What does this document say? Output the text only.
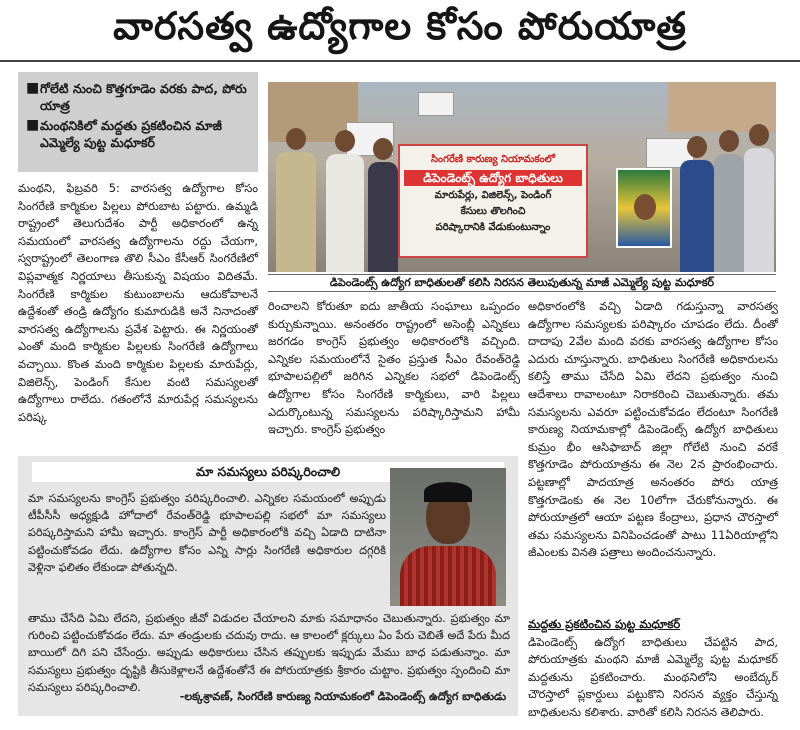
వారసత్వ ఉద్యోగాల కోసం పోరుయాత్ర
■ గోలేటి నుంచి కొత్తగూడెం వరకు పాద, పోరు యాత్ర
■ మంథనికిలో మద్దతు ప్రకటించిన మాజీ ఎమ్మెల్యే పుట్ట మధూకర్
సింగరేణి కారుణ్య నియామకంలో
డిపెండెంట్స్ ఉద్యోగ బాధితులు
మారుపేర్లు, విజిలెన్స్, పెండింగ్
కేసులు తొలగించి
పరిష్కారానికి వేడుకుంటున్నాం
డిపెండెంట్స్ ఉద్యోగ బాధితులతో కలిసి నిరసన తెలుపుతున్న మాజీ ఎమ్మెల్యే పుట్ట మధూకర్
మంథని, ఫిబ్రవరి 5: వారసత్వ ఉద్యోగాల కోసం సింగరేణి కార్మికుల పిల్లలు పోరుబాట పట్టారు. ఉమ్మడి రాష్ట్రంలో తెలుగుదేశం పార్టీ అధికారంలో ఉన్న సమయంలో వారసత్వ ఉద్యోగాలను రద్దు చేయగా, స్వరాష్ట్రంలో తెలంగాణ తొలి సీఎం కేసీఆర్ సింగరేణిలో విప్లవాత్మక నిర్ణయాలు తీసుకున్న విషయం విదితమే. సింగరేణి కార్మికుల కుటుంబాలను ఆదుకోవాలనే ఉద్దేశంతో తండ్రి ఉద్యోగం కుమారుడికి అనే నినాదంతో వారసత్వ ఉద్యోగాలను ప్రవేశ పెట్టారు. ఈ నిర్ణయంతో ఎంతో మంది కార్మికుల పిల్లలకు సింగరేణి ఉద్యోగాలు వచ్చాయి. కొంత మంది కార్మికుల పిల్లలకు మారుపేర్లు, విజిలెన్స్, పెండింగ్ కేసుల వంటి సమస్యలతో ఉద్యోగాలు రాలేదు. గతంలోనే మారుపేర్ల సమస్యలను పరిష్క
రించాలని కోరుతూ ఐదు జాతీయ సంఘాలు ఒప్పందం కుర్చుకున్నాయి. అనంతరం రాష్ట్రంలో అసెంబ్లీ ఎన్నికలు జరగడం కాంగ్రెస్ ప్రభుత్వం అధికారంలోకి వచ్చింది. ఎన్నికల సమయంలోనే సైతం ప్రస్తుత సీఎం రేవంత్‌రెడ్డి భూపాలపల్లిలో జరిగిన ఎన్నికల సభలో డిపెండెంట్స్ ఉద్యోగాల కోసం సింగరేణి కార్మికులు, వారి పిల్లలు ఎదుర్కొంటున్న సమస్యలను పరిష్కారిస్తామని హామీ ఇచ్చారు. కాంగ్రెస్ ప్రభుత్వం
అధికారంలోకి వచ్చి ఏడాది గడుస్తున్నా వారసత్వ ఉద్యోగాల సమస్యలకు పరిష్కారం చూపడం లేదు. దీంతో దాదాపు 2వేల మంది వరకు వారసత్వ ఉద్యోగాల కోసం ఎదురు చూస్తున్నారు. బాధితులు సింగరేణి అధికారులను కలిస్తే తాము చేసేది ఏమి లేదని ప్రభుత్వం నుంచి ఆదేశాలు రావాలంటూ నిరాకరించి చెబుతున్నారు. తమ సమస్యలను ఎవరూ పట్టించుకోవడం లేదంటూ సింగరేణి కారుణ్య నియామకాల్లో డిపెండెంట్స్ ఉద్యోగ బాధితులు కుమ్రం భీం ఆసిఫాబాద్ జిల్లా గోలేటి నుంచి వరకే కొత్తగూడెం పోరుయాత్రను ఈ నెల 2న ప్రారంభించారు. పట్టణాల్లో పాదయాత్ర అనంతరం పోరు యాత్ర కొత్తగూడెంకు ఈ నెల 10లోగా చేరుకోనున్నారు. ఈ పోరుయాత్రలో ఆయా పట్టణ కేంద్రాలు, ప్రధాన చౌరస్తాలో తమ సమస్యలను వినిపించడంతో పాటు 11ఏరియాల్లోని జీఎంలకు వినతి పత్రాలు అందించనున్నారు.
మద్దతు ప్రకటించిన పుట్ట మధూకర్
డిపెండెంట్స్ ఉద్యోగ బాధితులు చేపట్టిన పాద, పోరుయాత్రకు మంథని మాజీ ఎమ్మెల్యే పుట్ట మధూకర్ మద్దతును ప్రకటించారు. మంథనిలోని అంబేద్కర్ చౌరస్తాలో ప్లకార్డులు పట్టుకొని నిరసన వ్యక్తం చేస్తున్న బాధితులను కలిశారు. వారితో కలిసి నిరసన తెలిపారు.
మా సమస్యలు పరిష్కరించాలి
మా సమస్యలను కాంగ్రెస్ ప్రభుత్వం పరిష్కరించాలి. ఎన్నికల సమయంలో అప్పుడు టీపీసీసీ అధ్యక్షుడి హోదాలో రేవంత్‌రెడ్డి భూపాలపల్లి సభలో మా సమస్యలు పరిష్కరిస్తామని హామీ ఇచ్చారు. కాంగ్రెస్ పార్టీ అధికారంలోకి వచ్చి ఏడాది దాటినా పట్టించుకోవడం లేదు. ఉద్యోగాల కోసం ఎన్ని సార్లు సింగరేణి అధికారుల దగ్గరికి వెళ్లినా ఫలితం లేకుండా పోతున్నది.
తాము చేసేది ఏమి లేదని, ప్రభుత్వం జీవో విడుదల చేయాలని మాకు సమాధానం చెబుతున్నారు. ప్రభుత్వం మా గురించి పట్టించుకోవడం లేదు. మా తండ్రులకు చదువు రాదు. ఆ కాలంలో క్లర్కులు ఏం పేరు చెబితే అదే పేరు మీద బాయిలో దిగి పని చేసేంద్రు. అప్పుడు అధికారులు చేసిన తప్పులకు ఇప్పుడు మేము బాధ పడుతున్నాం. మా సమస్యలు ప్రభుత్వం దృష్టికి తీసుకెళ్లాలనే ఉద్దేశంతోనే ఈ పోరుయాత్రకు శ్రీకారం చుట్టాం. ప్రభుత్వం స్పందించి మా సమస్యలు పరిష్కరించాలి.
-లక్కశ్రావణ్, సింగరేణి కారుణ్య నియామకంలో డిపెండెంట్స్ ఉద్యోగ బాధితుడు
